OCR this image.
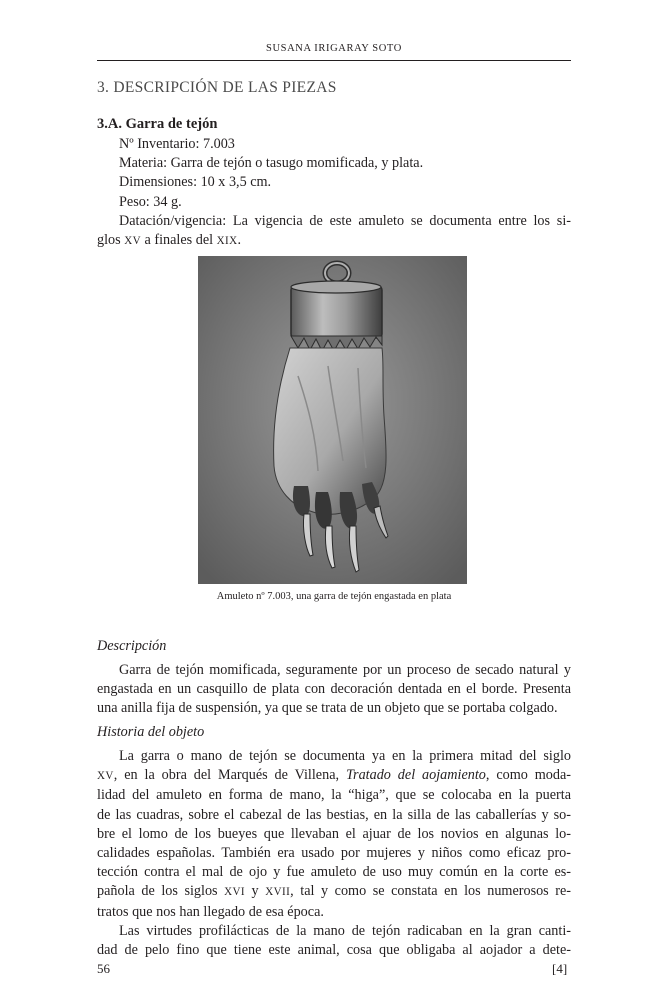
SUSANA IRIGARAY SOTO
3. DESCRIPCIÓN DE LAS PIEZAS
3.A. Garra de tejón
Nº Inventario: 7.003
Materia: Garra de tejón o tasugo momificada, y plata.
Dimensiones: 10 x 3,5 cm.
Peso: 34 g.
Datación/vigencia: La vigencia de este amuleto se documenta entre los si-
glos XV a finales del XIX.
Amuleto nº 7.003, una garra de tejón engastada en plata
Descripción
Garra de tejón momificada, seguramente por un proceso de secado natural y
engastada en un casquillo de plata con decoración dentada en el borde. Presenta
una anilla fija de suspensión, ya que se trata de un objeto que se portaba colgado.
Historia del objeto
La garra o mano de tejón se documenta ya en la primera mitad del siglo
XV, en la obra del Marqués de Villena, Tratado del aojamiento, como moda-
lidad del amuleto en forma de mano, la “higa”, que se colocaba en la puerta
de las cuadras, sobre el cabezal de las bestias, en la silla de las caballerías y so-
bre el lomo de los bueyes que llevaban el ajuar de los novios en algunas lo-
calidades españolas. También era usado por mujeres y niños como eficaz pro-
tección contra el mal de ojo y fue amuleto de uso muy común en la corte es-
pañola de los siglos XVI y XVII, tal y como se constata en los numerosos re-
tratos que nos han llegado de esa época.
Las virtudes profilácticas de la mano de tejón radicaban en la gran canti-
dad de pelo fino que tiene este animal, cosa que obligaba al aojador a dete-
56	[4]
